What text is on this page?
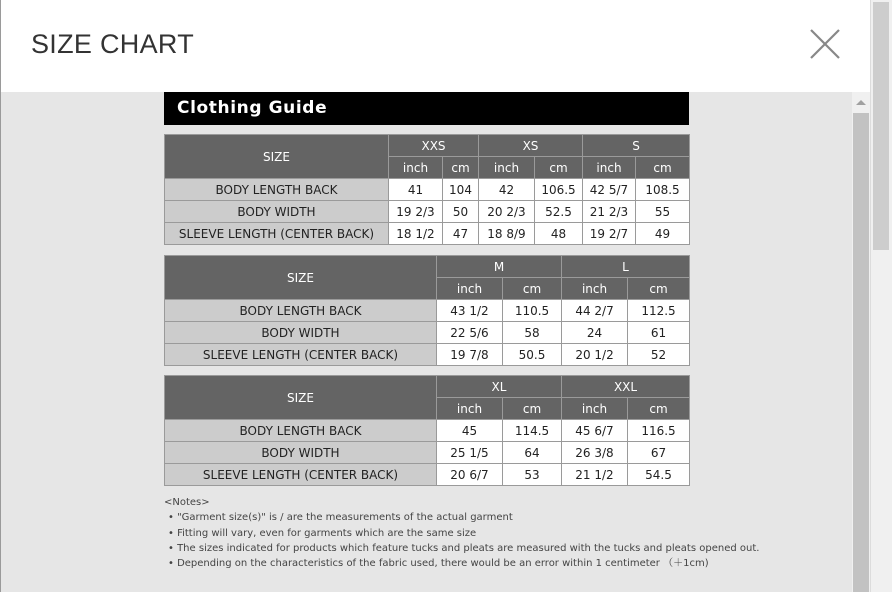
SIZE CHART
Clothing Guide
SIZE	XXS		XS		S	
	inch	cm	inch	cm	inch	cm
BODY LENGTH BACK	41	104	42	106.5	42 5/7	108.5
BODY WIDTH	19 2/3	50	20 2/3	52.5	21 2/3	55
SLEEVE LENGTH (CENTER BACK)	18 1/2	47	18 8/9	48	19 2/7	49
SIZE	M		L	
	inch	cm	inch	cm
BODY LENGTH BACK	43 1/2	110.5	44 2/7	112.5
BODY WIDTH	22 5/6	58	24	61
SLEEVE LENGTH (CENTER BACK)	19 7/8	50.5	20 1/2	52
SIZE	XL		XXL	
	inch	cm	inch	cm
BODY LENGTH BACK	45	114.5	45 6/7	116.5
BODY WIDTH	25 1/5	64	26 3/8	67
SLEEVE LENGTH (CENTER BACK)	20 6/7	53	21 1/2	54.5
<Notes>
• "Garment size(s)" is / are the measurements of the actual garment
• Fitting will vary, even for garments which are the same size
• The sizes indicated for products which feature tucks and pleats are measured with the tucks and pleats opened out.
• Depending on the characteristics of the fabric used, there would be an error within 1 centimeter （＋1cm)
